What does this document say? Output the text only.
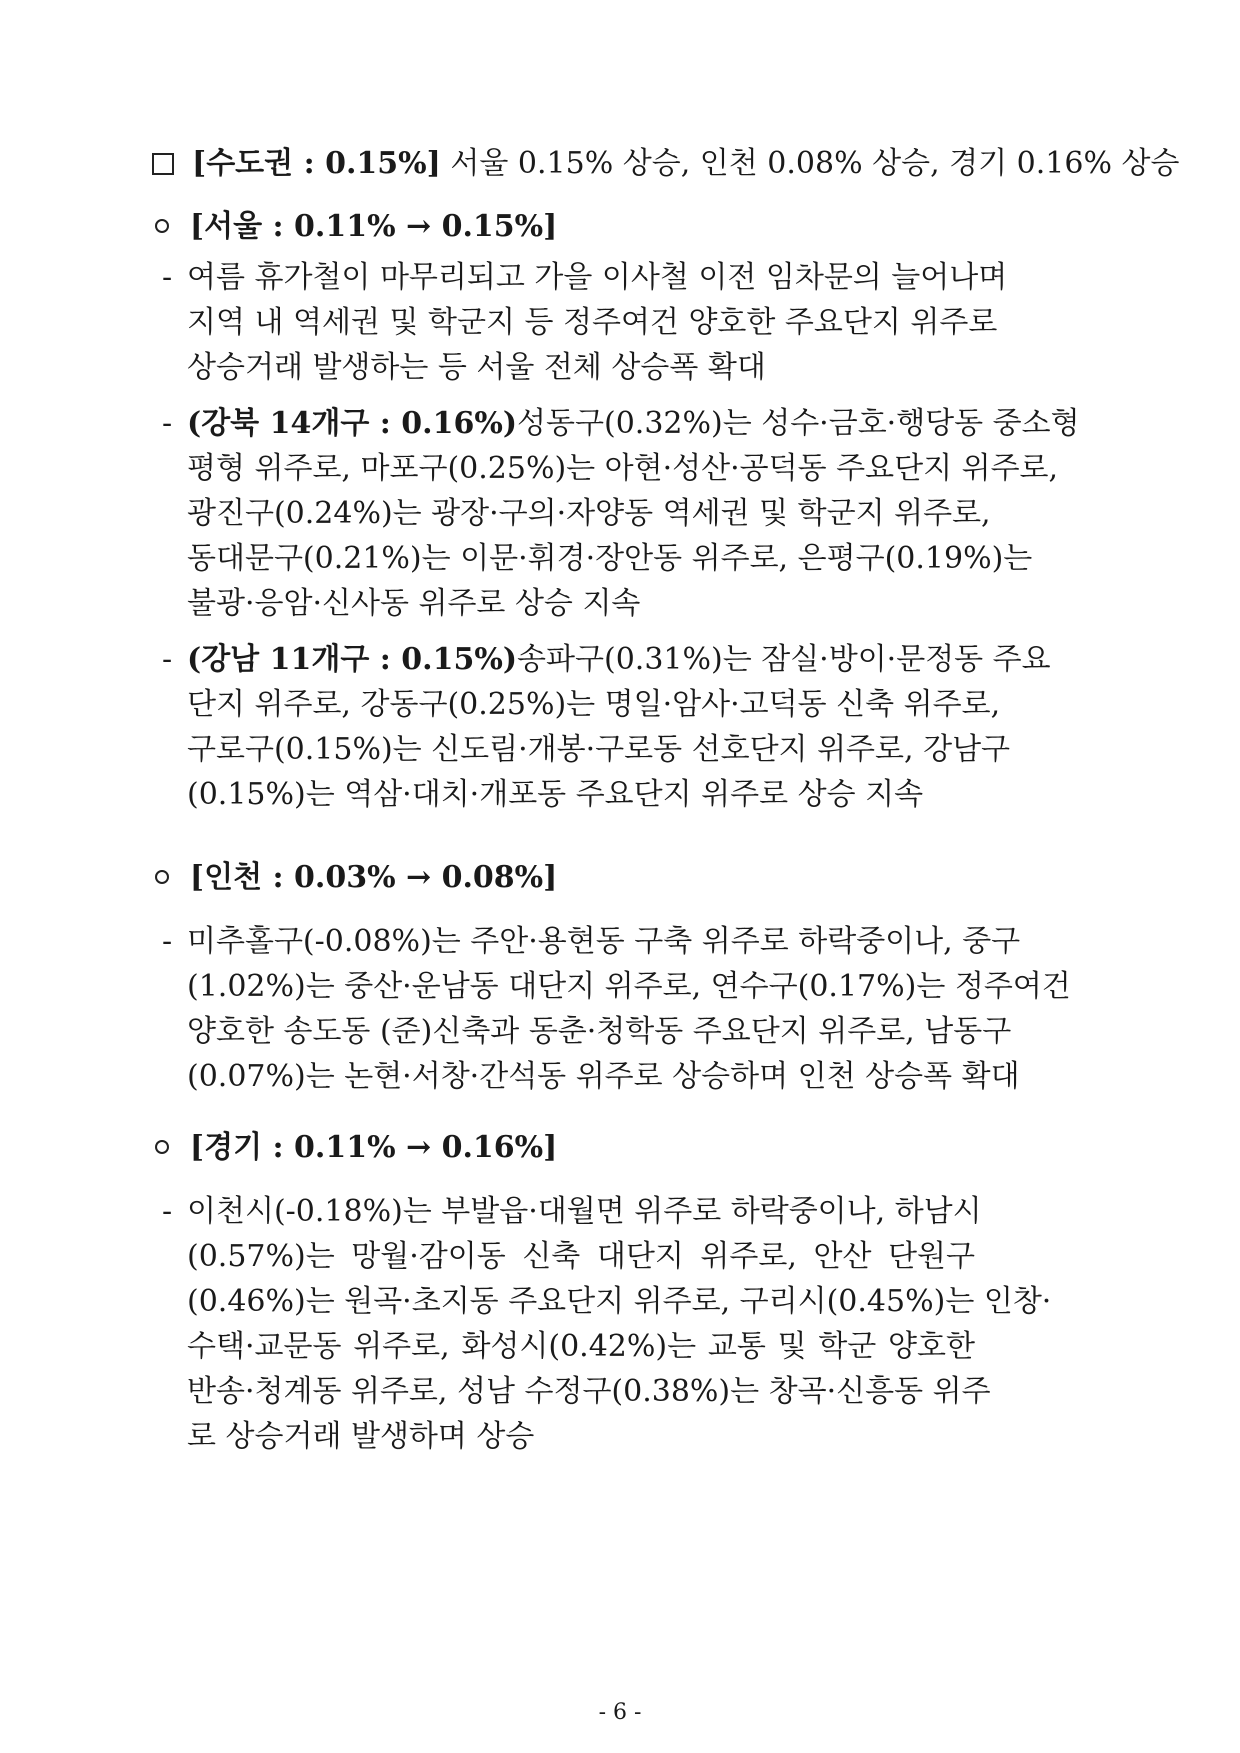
[수도권 : 0.15%] 서울 0.15% 상승, 인천 0.08% 상승, 경기 0.16% 상승
[서울 : 0.11% → 0.15%]
- 여름 휴가철이 마무리되고 가을 이사철 이전 임차문의 늘어나며
지역 내 역세권 및 학군지 등 정주여건 양호한 주요단지 위주로
상승거래 발생하는 등 서울 전체 상승폭 확대
- (강북 14개구 : 0.16%) 성동구(0.32%)는 성수·금호·행당동 중소형
평형 위주로, 마포구(0.25%)는 아현·성산·공덕동 주요단지 위주로,
광진구(0.24%)는 광장·구의·자양동 역세권 및 학군지 위주로,
동대문구(0.21%)는 이문·휘경·장안동 위주로, 은평구(0.19%)는
불광·응암·신사동 위주로 상승 지속
- (강남 11개구 : 0.15%) 송파구(0.31%)는 잠실·방이·문정동 주요
단지 위주로, 강동구(0.25%)는 명일·암사·고덕동 신축 위주로,
구로구(0.15%)는 신도림·개봉·구로동 선호단지 위주로, 강남구
(0.15%)는 역삼·대치·개포동 주요단지 위주로 상승 지속
[인천 : 0.03% → 0.08%]
- 미추홀구(-0.08%)는 주안·용현동 구축 위주로 하락중이나, 중구
(1.02%)는 중산·운남동 대단지 위주로, 연수구(0.17%)는 정주여건
양호한 송도동 (준)신축과 동춘·청학동 주요단지 위주로, 남동구
(0.07%)는 논현·서창·간석동 위주로 상승하며 인천 상승폭 확대
[경기 : 0.11% → 0.16%]
- 이천시(-0.18%)는 부발읍·대월면 위주로 하락중이나, 하남시
(0.57%)는 망월·감이동 신축 대단지 위주로, 안산 단원구
(0.46%)는 원곡·초지동 주요단지 위주로, 구리시(0.45%)는 인창·
수택·교문동 위주로, 화성시(0.42%)는 교통 및 학군 양호한
반송·청계동 위주로, 성남 수정구(0.38%)는 창곡·신흥동 위주
로 상승거래 발생하며 상승
- 6 -
